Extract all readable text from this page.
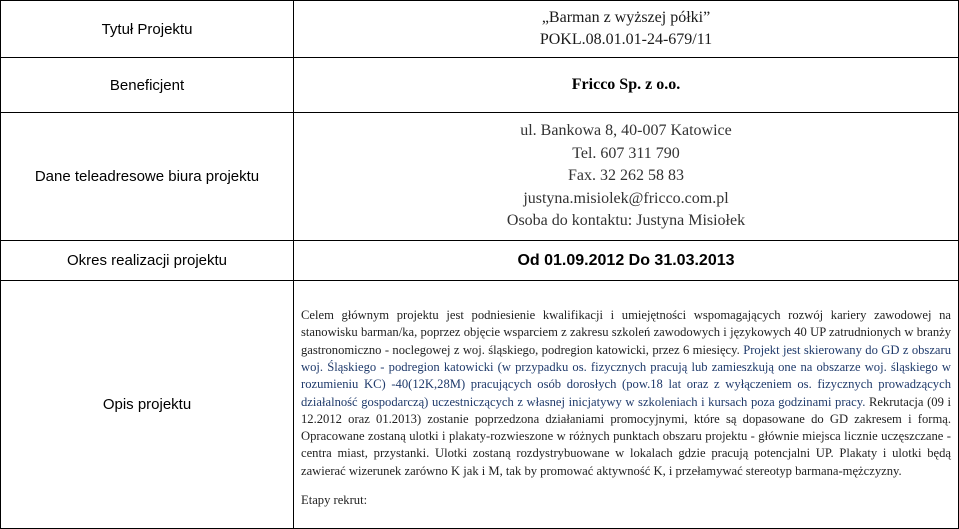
Tytuł Projektu	„Barman z wyższej półki”
POKL.08.01.01-24-679/11

Beneficjent	Fricco Sp. z o.o.
Dane teleadresowe biura projektu	ul. Bankowa 8, 40-007 Katowice
Tel. 607 311 790
Fax. 32 262 58 83
justyna.misiolek@fricco.com.pl
Osoba do kontaktu: Justyna Misiołek

Okres realizacji projektu	Od 01.09.2012 Do 31.03.2013
Opis projektu	Celem głównym projektu jest podniesienie kwalifikacji i umiejętności wspomagających rozwój kariery zawodowej na stanowisku barman/ka, poprzez objęcie wsparciem z zakresu szkoleń zawodowych i językowych 40 UP zatrudnionych w branży gastronomiczno - noclegowej z woj. śląskiego, podregion katowicki, przez 6 miesięcy. Projekt jest skierowany do GD z obszaru woj. Śląskiego - podregion katowicki (w przypadku os. fizycznych pracują lub zamieszkują one na obszarze woj. śląskiego w rozumieniu KC) -40(12K,28M) pracujących osób dorosłych (pow.18 lat oraz z wyłączeniem os. fizycznych prowadzących działalność gospodarczą) uczestniczących z własnej inicjatywy w szkoleniach i kursach poza godzinami pracy. Rekrutacja (09 i 12.2012 oraz 01.2013) zostanie poprzedzona działaniami promocyjnymi, które są dopasowane do GD zakresem i formą. Opracowane zostaną ulotki i plakaty-rozwieszone w różnych punktach obszaru projektu - głównie miejsca licznie uczęszczane - centra miast, przystanki. Ulotki zostaną rozdystrybuowane w lokalach gdzie pracują potencjalni UP. Plakaty i ulotki będą zawierać wizerunek zarówno K jak i M, tak by promować aktywność K, i przełamywać stereotyp barmana-mężczyzny.
Etapy rekrut:
